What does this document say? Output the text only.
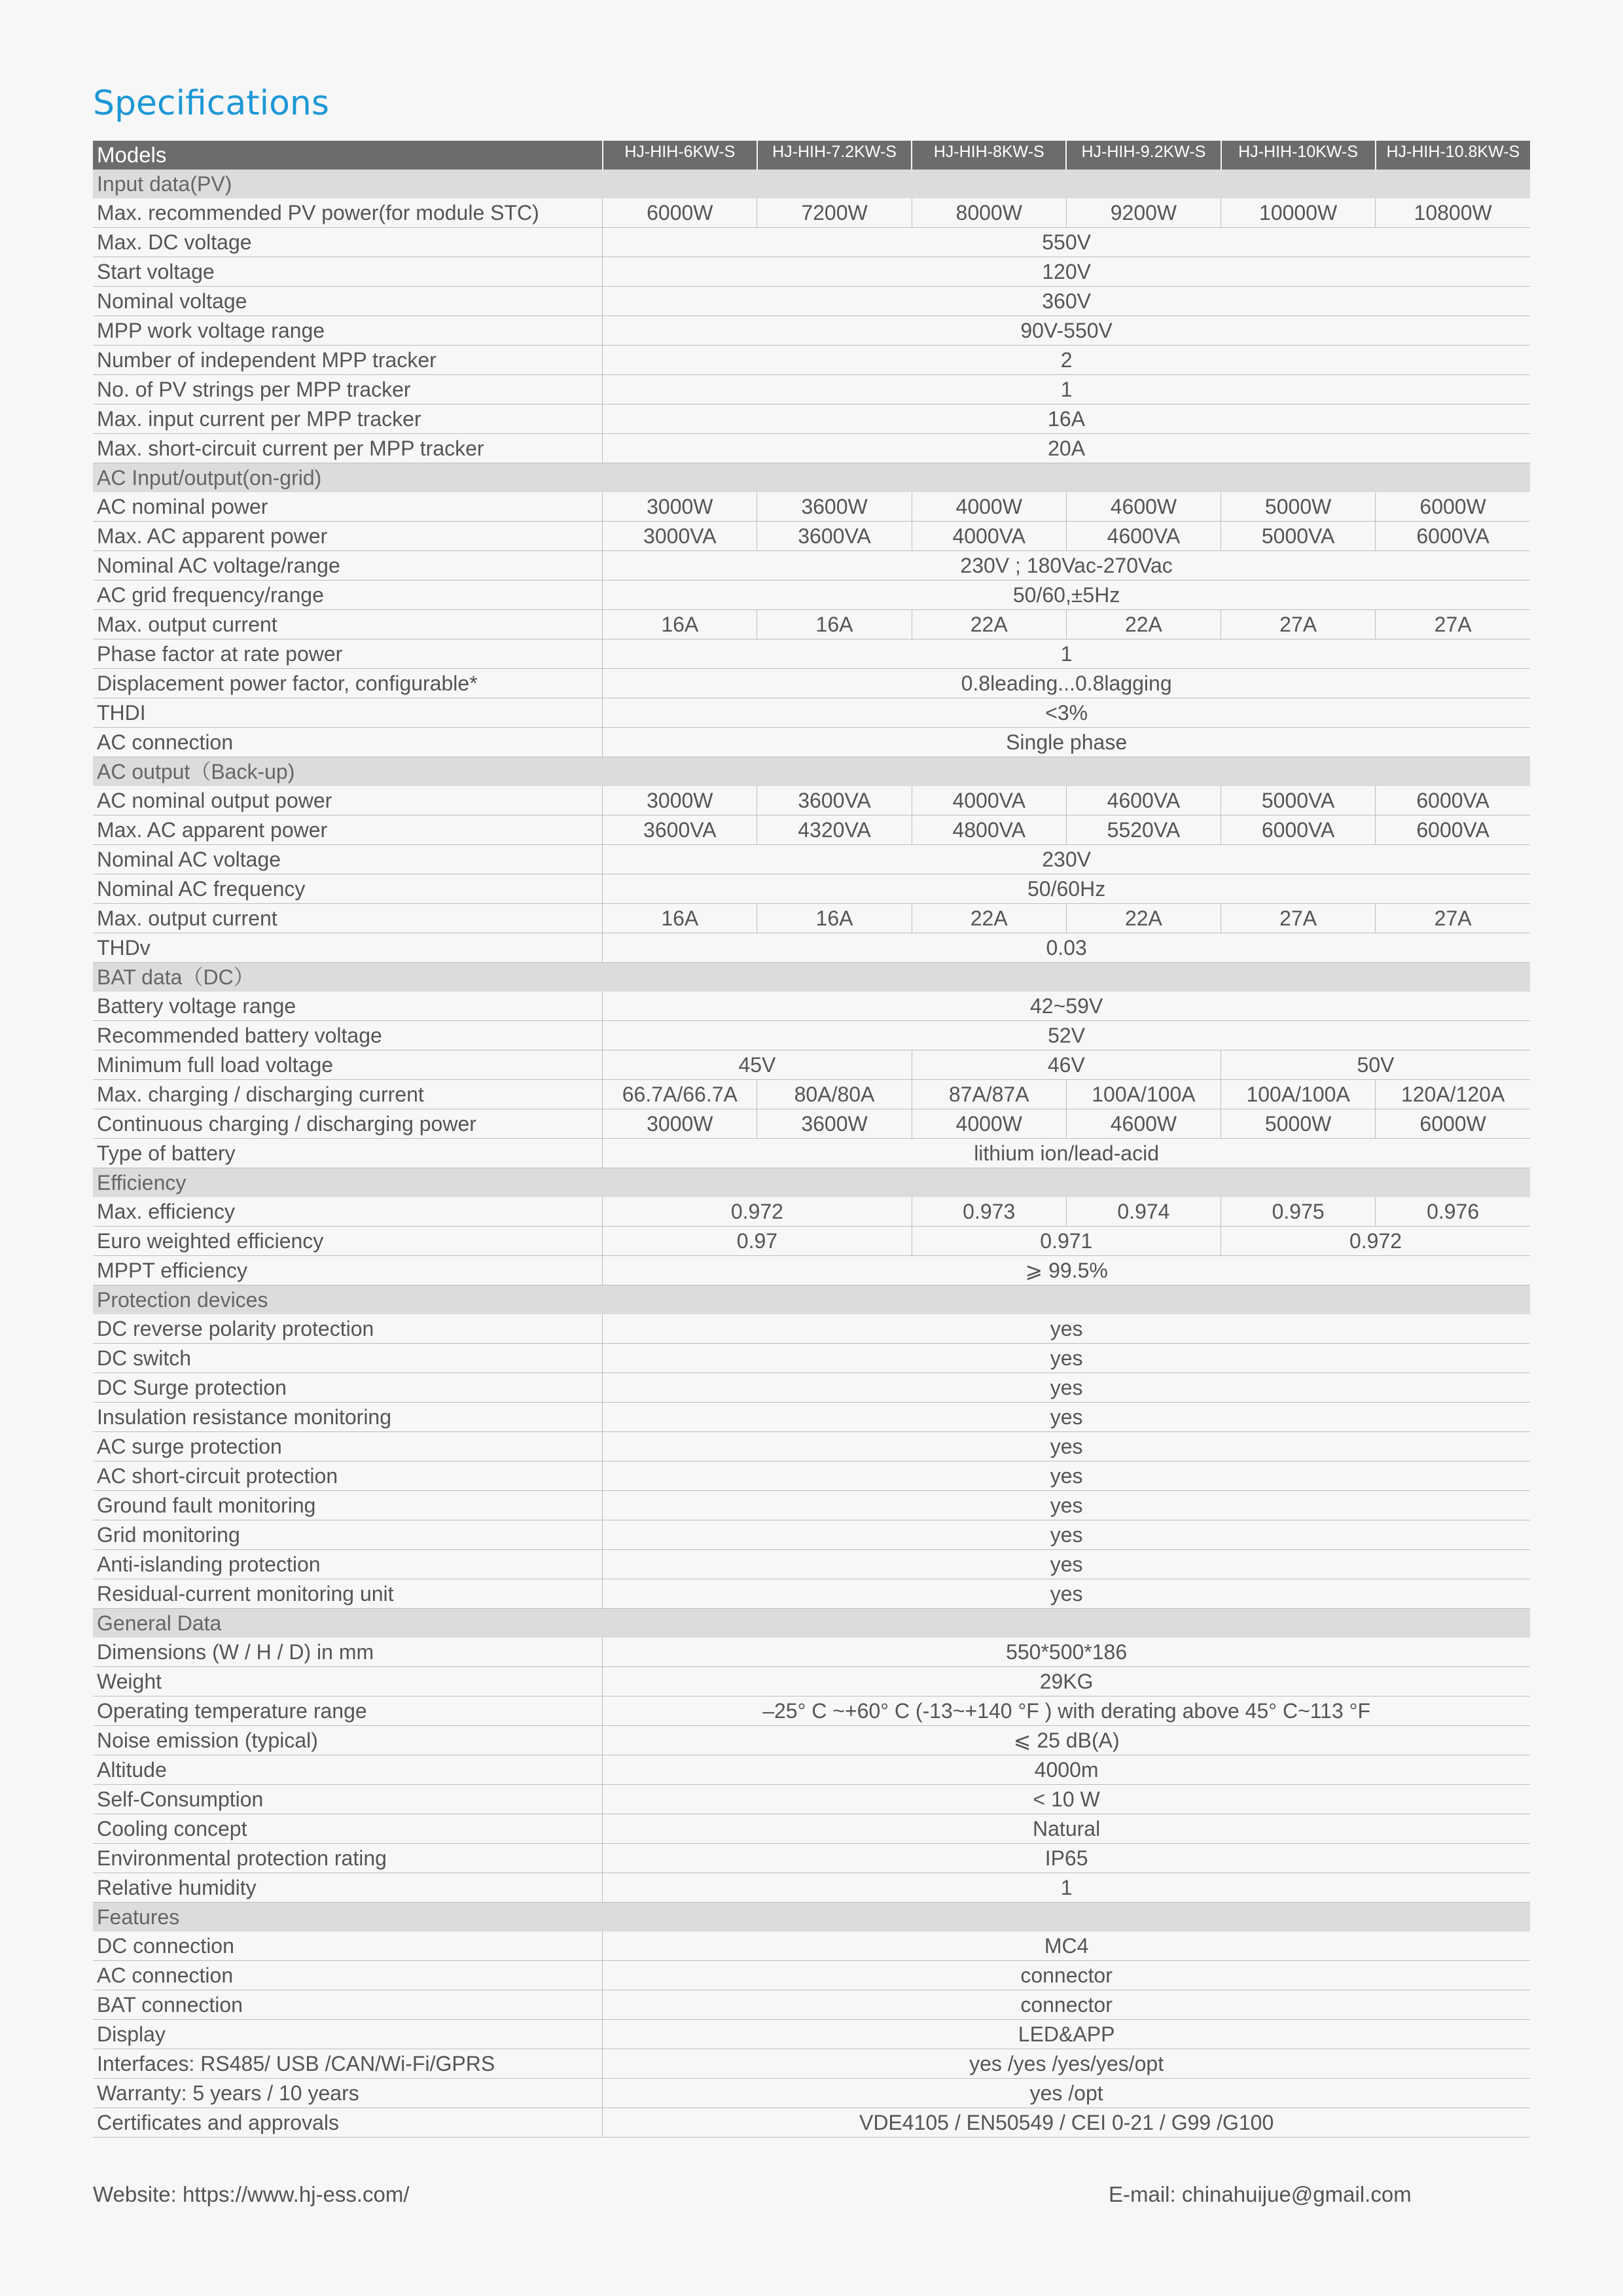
Specifications
Models	HJ-HIH-6KW-S	HJ-HIH-7.2KW-S	HJ-HIH-8KW-S	HJ-HIH-9.2KW-S	HJ-HIH-10KW-S	HJ-HIH-10.8KW-S
Input data(PV)						
Max. recommended PV power(for module STC)	6000W	7200W	8000W	9200W	10000W	10800W
Max. DC voltage	550V					
Start voltage	120V					
Nominal voltage	360V					
MPP work voltage range	90V-550V					
Number of independent MPP tracker	2					
No. of PV strings per MPP tracker	1					
Max. input current per MPP tracker	16A					
Max. short-circuit current per MPP tracker	20A					
AC Input/output(on-grid)						
AC nominal power	3000W	3600W	4000W	4600W	5000W	6000W
Max. AC apparent power	3000VA	3600VA	4000VA	4600VA	5000VA	6000VA
Nominal AC voltage/range	230V ; 180Vac-270Vac					
AC grid frequency/range	50/60,±5Hz					
Max. output current	16A	16A	22A	22A	27A	27A
Phase factor at rate power	1					
Displacement power factor, configurable*	0.8leading...0.8lagging					
THDI	<3%					
AC connection	Single phase					
AC output（Back-up)						
AC nominal output power	3000W	3600VA	4000VA	4600VA	5000VA	6000VA
Max. AC apparent power	3600VA	4320VA	4800VA	5520VA	6000VA	6000VA
Nominal AC voltage	230V					
Nominal AC frequency	50/60Hz					
Max. output current	16A	16A	22A	22A	27A	27A
THDv	0.03					
BAT data（DC）						
Battery voltage range	42~59V					
Recommended battery voltage	52V					
Minimum full load voltage	45V		46V		50V	
Max. charging / discharging current	66.7A/66.7A	80A/80A	87A/87A	100A/100A	100A/100A	120A/120A
Continuous charging / discharging power	3000W	3600W	4000W	4600W	5000W	6000W
Type of battery	lithium ion/lead-acid					
Efficiency						
Max. efficiency	0.972		0.973	0.974	0.975	0.976
Euro weighted efficiency	0.97		0.971		0.972	
MPPT efficiency	⩾ 99.5%					
Protection devices						
DC reverse polarity protection	yes					
DC switch	yes					
DC Surge protection	yes					
Insulation resistance monitoring	yes					
AC surge protection	yes					
AC short-circuit protection	yes					
Ground fault monitoring	yes					
Grid monitoring	yes					
Anti-islanding protection	yes					
Residual-current monitoring unit	yes					
General Data						
Dimensions (W / H / D) in mm	550*500*186					
Weight	29KG					
Operating temperature range	–25° C ~+60° C (-13~+140 °F ) with derating above 45° C~113 °F					
Noise emission (typical)	⩽ 25 dB(A)					
Altitude	4000m					
Self-Consumption	< 10 W					
Cooling concept	Natural					
Environmental protection rating	IP65					
Relative humidity	1					
Features						
DC connection	MC4					
AC connection	connector					
BAT connection	connector					
Display	LED&APP					
Interfaces: RS485/ USB /CAN/Wi-Fi/GPRS	yes /yes /yes/yes/opt					
Warranty: 5 years / 10 years	yes /opt					
Certificates and approvals	VDE4105 / EN50549 / CEI 0-21 / G99 /G100					
Website: https://www.hj-ess.com/	E-mail: chinahuijue@gmail.com
